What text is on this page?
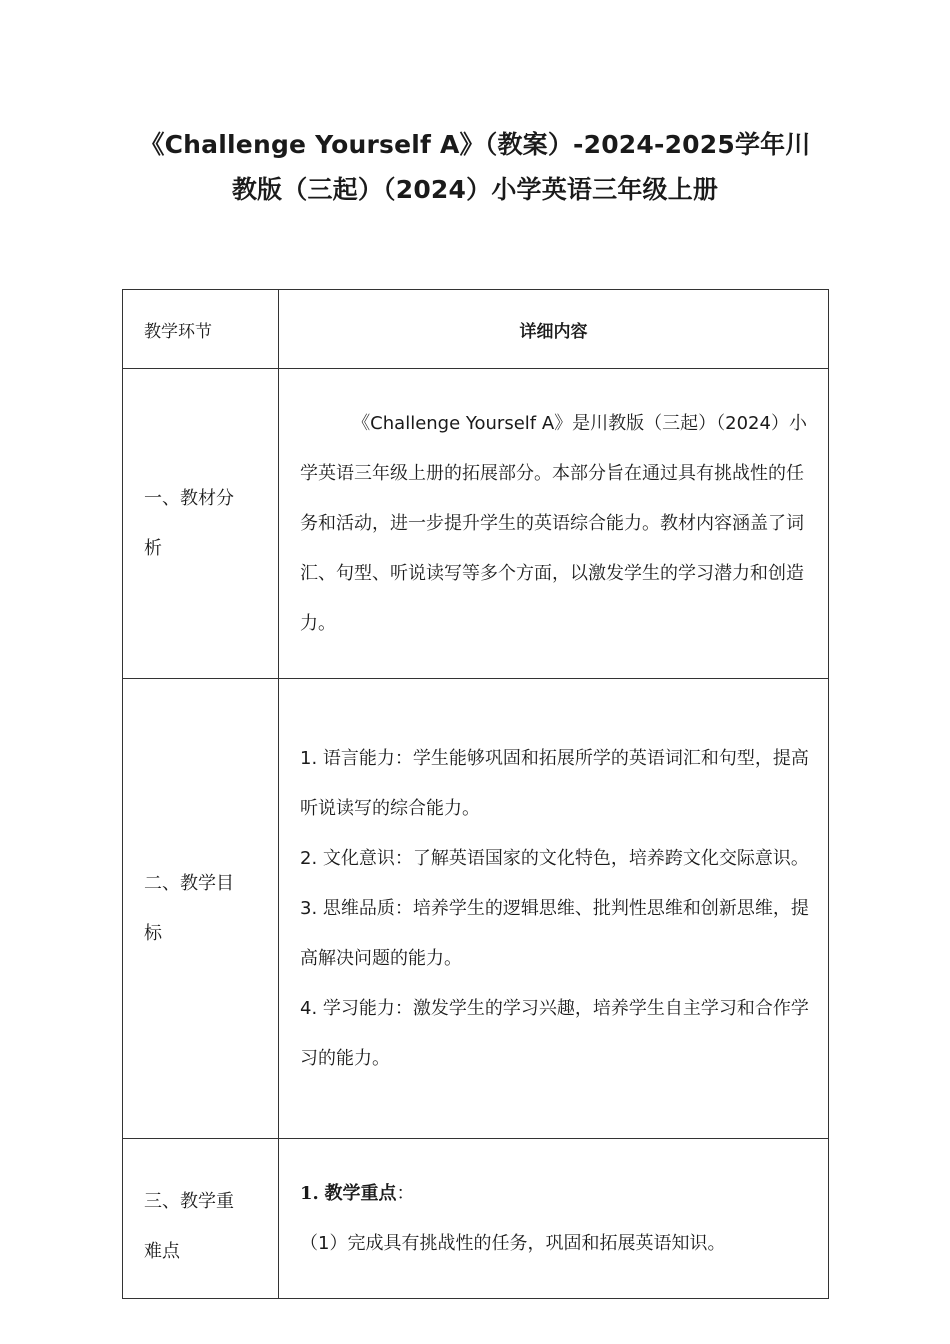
《Challenge Yourself A》（教案）-2024-2025学年川
教版（三起）（2024）小学英语三年级上册
教学环节	详细内容
一、教材分析	《Challenge Yourself A》是川教版（三起）（2024）小学英语三年级上册的拓展部分。本部分旨在通过具有挑战性的任务和活动，进一步提升学生的英语综合能力。教材内容涵盖了词汇、句型、听说读写等多个方面，以激发学生的学习潜力和创造力。

二、教学目标	1. 语言能力：学生能够巩固和拓展所学的英语词汇和句型，提高听说读写的综合能力。

2. 文化意识：了解英语国家的文化特色，培养跨文化交际意识。

3. 思维品质：培养学生的逻辑思维、批判性思维和创新思维，提高解决问题的能力。

4. 学习能力：激发学生的学习兴趣，培养学生自主学习和合作学习的能力。

三、教学重难点	1. 教学重点：

（1）完成具有挑战性的任务，巩固和拓展英语知识。
